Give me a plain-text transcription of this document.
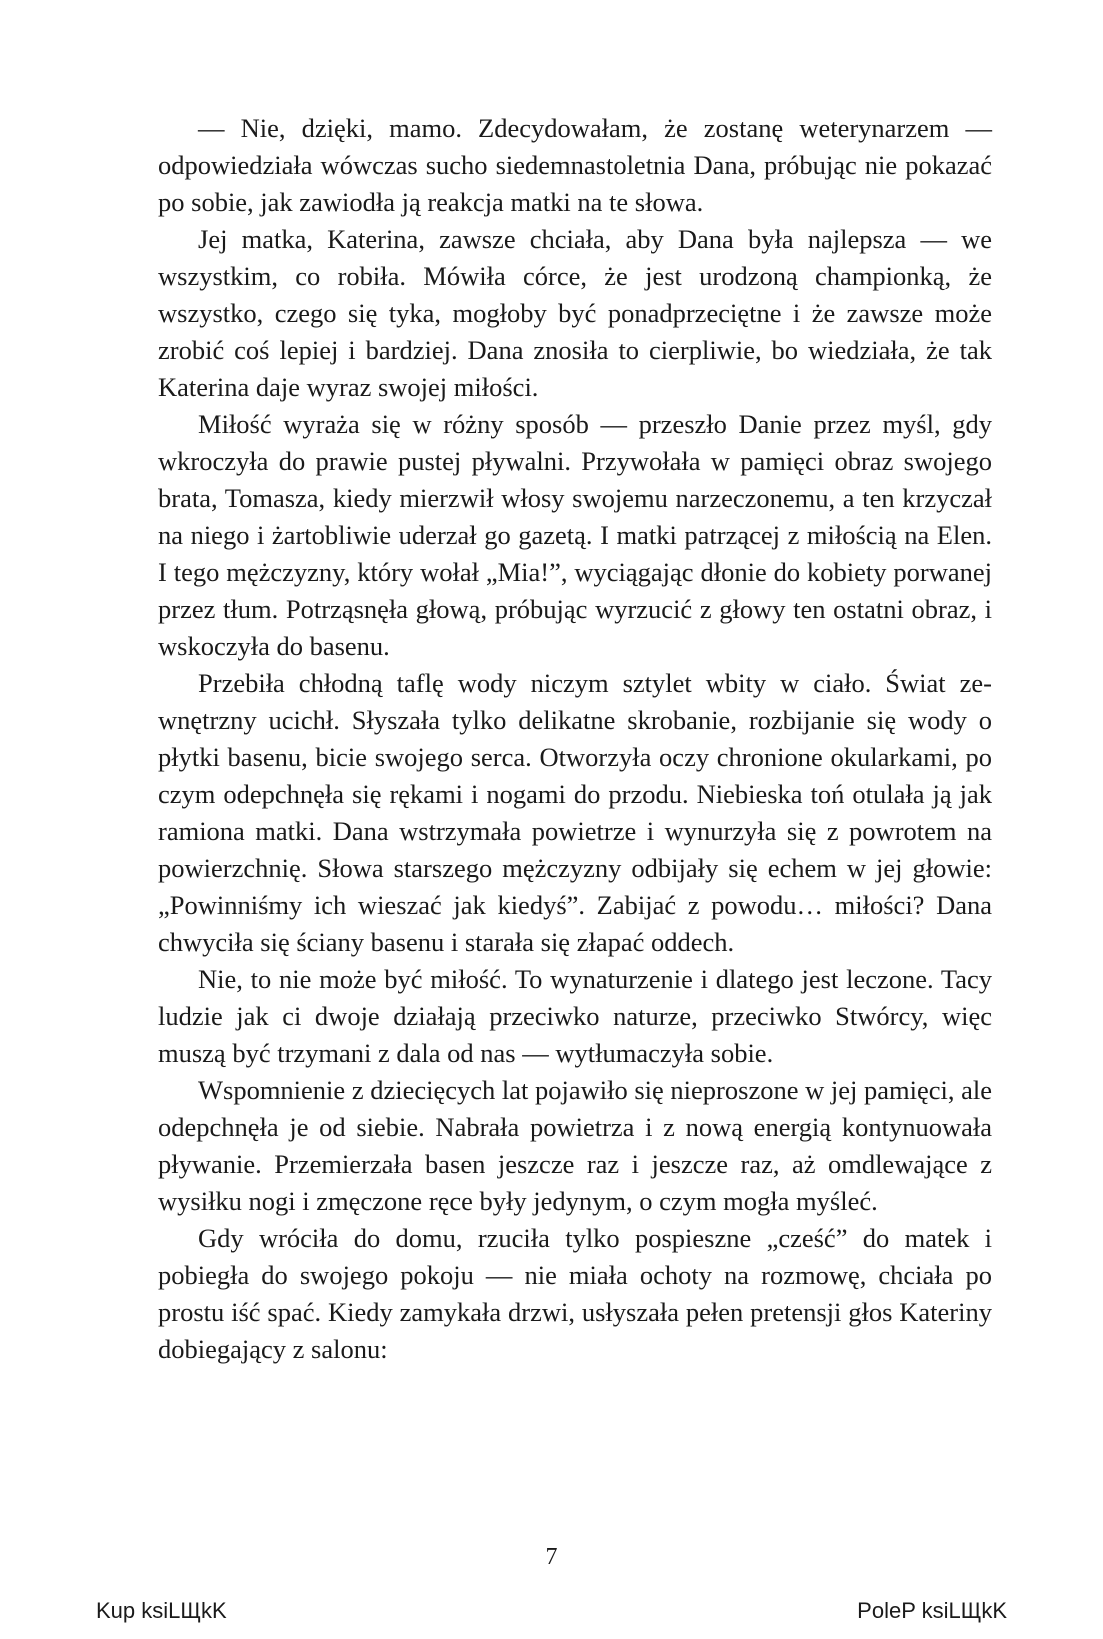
— Nie, dzięki, mamo. Zdecydowałam, że zostanę weterynarzem — odpowiedziała wówczas sucho siedemnastoletnia Dana, próbując nie pokazać po sobie, jak zawiodła ją reakcja matki na te słowa.

Jej matka, Katerina, zawsze chciała, aby Dana była najlepsza — we wszystkim, co robiła. Mówiła córce, że jest urodzoną championką, że wszystko, czego się tyka, mogłoby być ponadprzeciętne i że zawsze może zrobić coś lepiej i bardziej. Dana znosiła to cierpliwie, bo wiedziała, że tak Katerina daje wyraz swojej miłości.

Miłość wyraża się w różny sposób — przeszło Danie przez myśl, gdy wkroczyła do prawie pustej pływalni. Przywołała w pamięci obraz swojego brata, Tomasza, kiedy mierzwił włosy swojemu narzeczonemu, a ten krzyczał na niego i żartobliwie uderzał go gazetą. I matki patrzącej z miłością na Elen. I tego mężczyzny, który wołał „Mia!”, wyciągając dłonie do kobiety porwanej przez tłum. Potrząsnęła głową, próbując wyrzucić z głowy ten ostatni obraz, i wskoczyła do basenu.

Przebiła chłodną taflę wody niczym sztylet wbity w ciało. Świat zewnętrzny ucichł. Słyszała tylko delikatne skrobanie, rozbijanie się wody o płytki basenu, bicie swojego serca. Otworzyła oczy chronione okularkami, po czym odepchnęła się rękami i nogami do przodu. Niebieska toń otulała ją jak ramiona matki. Dana wstrzymała powietrze i wynurzyła się z powrotem na powierzchnię. Słowa starszego mężczyzny odbijały się echem w jej głowie: „Powinniśmy ich wieszać jak kiedyś”. Zabijać z powodu… miłości? Dana chwyciła się ściany basenu i starała się złapać oddech.

Nie, to nie może być miłość. To wynaturzenie i dlatego jest leczone. Tacy ludzie jak ci dwoje działają przeciwko naturze, przeciwko Stwórcy, więc muszą być trzymani z dala od nas — wytłumaczyła sobie.

Wspomnienie z dziecięcych lat pojawiło się nieproszone w jej pamięci, ale odepchnęła je od siebie. Nabrała powietrza i z nową energią kontynuowała pływanie. Przemierzała basen jeszcze raz i jeszcze raz, aż omdlewające z wysiłku nogi i zmęczone ręce były jedynym, o czym mogła myśleć.

Gdy wróciła do domu, rzuciła tylko pospieszne „cześć” do matek i pobiegła do swojego pokoju — nie miała ochoty na rozmowę, chciała po prostu iść spać. Kiedy zamykała drzwi, usłyszała pełen pretensji głos Kateriny dobiegający z salonu:

7
Kup ksiLЩkK	PoleP ksiLЩkK
